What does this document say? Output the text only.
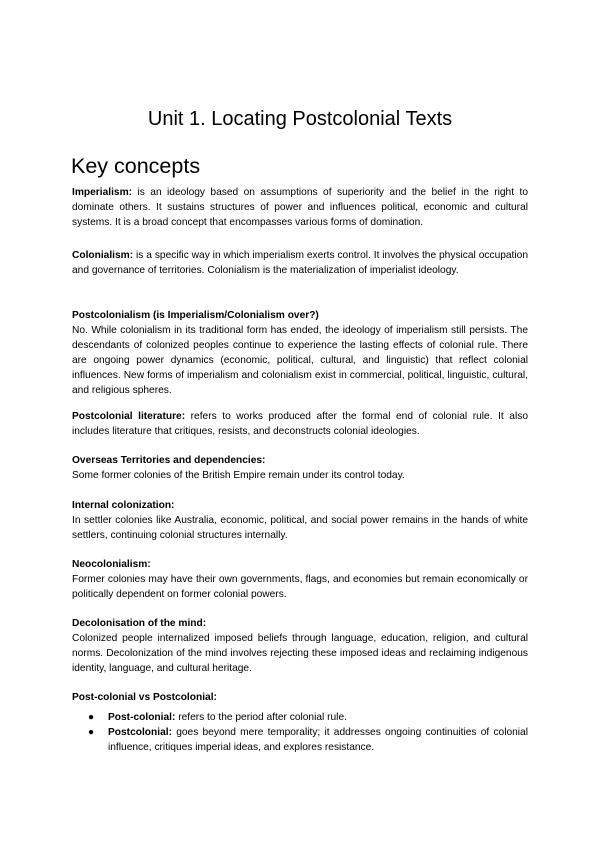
Unit 1. Locating Postcolonial Texts
Key concepts
Imperialism: is an ideology based on assumptions of superiority and the belief in the right to dominate others. It sustains structures of power and influences political, economic and cultural systems. It is a broad concept that encompasses various forms of domination.
Colonialism: is a specific way in which imperialism exerts control. It involves the physical occupation and governance of territories. Colonialism is the materialization of imperialist ideology.
Postcolonialism (is Imperialism/Colonialism over?)
No. While colonialism in its traditional form has ended, the ideology of imperialism still persists. The descendants of colonized peoples continue to experience the lasting effects of colonial rule. There are ongoing power dynamics (economic, political, cultural, and linguistic) that reflect colonial influences. New forms of imperialism and colonialism exist in commercial, political, linguistic, cultural, and religious spheres.
Postcolonial literature: refers to works produced after the formal end of colonial rule. It also includes literature that critiques, resists, and deconstructs colonial ideologies.
Overseas Territories and dependencies:
Some former colonies of the British Empire remain under its control today.
Internal colonization:
In settler colonies like Australia, economic, political, and social power remains in the hands of white settlers, continuing colonial structures internally.
Neocolonialism:
Former colonies may have their own governments, flags, and economies but remain economically or politically dependent on former colonial powers.
Decolonisation of the mind:
Colonized people internalized imposed beliefs through language, education, religion, and cultural norms. Decolonization of the mind involves rejecting these imposed ideas and reclaiming indigenous identity, language, and cultural heritage.
Post-colonial vs Postcolonial:
● Post-colonial: refers to the period after colonial rule.
● Postcolonial: goes beyond mere temporality; it addresses ongoing continuities of colonial influence, critiques imperial ideas, and explores resistance.
